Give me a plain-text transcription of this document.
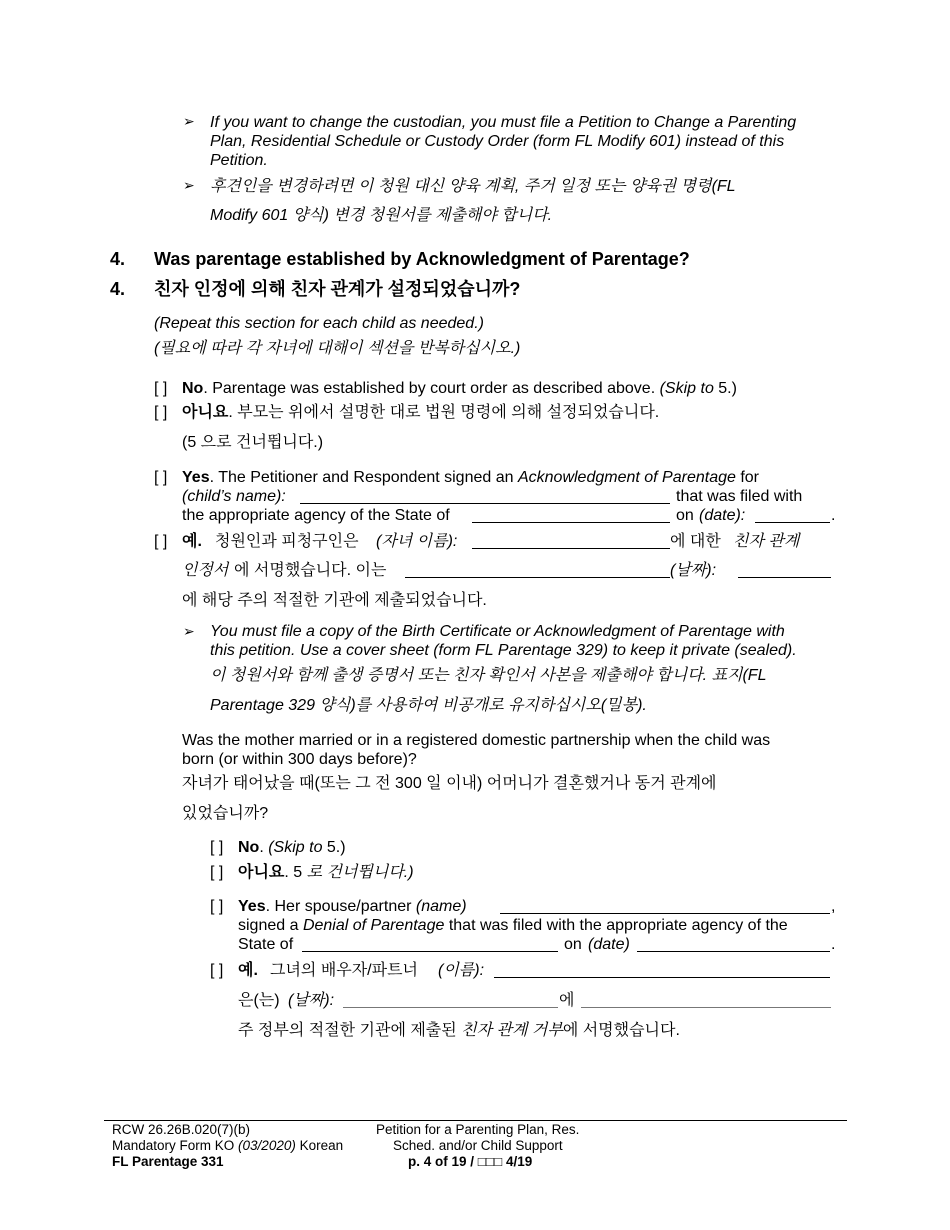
➢ If you want to change the custodian, you must file a Petition to Change a Parenting
Plan, Residential Schedule or Custody Order (form FL Modify 601) instead of this
Petition.
➢ 후견인을 변경하려면 이 청원 대신 양육 계획, 주거 일정 또는 양육권 명령(FL
Modify 601 양식) 변경 청원서를 제출해야 합니다.
4. Was parentage established by Acknowledgment of Parentage?
4. 친자 인정에 의해 친자 관계가 설정되었습니까?
(Repeat this section for each child as needed.)
(필요에 따라 각 자녀에 대해이 섹션을 반복하십시오.)
[ ] No. Parentage was established by court order as described above. (Skip to 5.)
[ ] 아니요. 부모는 위에서 설명한 대로 법원 명령에 의해 설정되었습니다.
(5 으로 건너뜁니다.)
[ ] Yes. The Petitioner and Respondent signed an Acknowledgment of Parentage for
(child’s name):	that was filed with
the appropriate agency of the State of	on (date):	.
[ ] 예. 청원인과 피청구인은 (자녀 이름):	에 대한 친자 관계
인정서 에 서명했습니다. 이는	(날짜):
에 해당 주의 적절한 기관에 제출되었습니다.
➢ You must file a copy of the Birth Certificate or Acknowledgment of Parentage with
this petition. Use a cover sheet (form FL Parentage 329) to keep it private (sealed).
이 청원서와 함께 출생 증명서 또는 친자 확인서 사본을 제출해야 합니다. 표지(FL
Parentage 329 양식)를 사용하여 비공개로 유지하십시오(밀봉).
Was the mother married or in a registered domestic partnership when the child was
born (or within 300 days before)?
자녀가 태어났을 때(또는 그 전 300 일 이내) 어머니가 결혼했거나 동거 관계에
있었습니까?
[ ] No. (Skip to 5.)
[ ] 아니요. 5 로 건너뜁니다.)
[ ] Yes. Her spouse/partner (name)	,
signed a Denial of Parentage that was filed with the appropriate agency of the
State of	on (date)	.
[ ] 예. 그녀의 배우자/파트너 (이름):
은(는) (날짜):	에
주 정부의 적절한 기관에 제출된 친자 관계 거부에 서명했습니다.
RCW 26.26B.020(7)(b)
Mandatory Form KO (03/2020) Korean
FL Parentage 331
Petition for a Parenting Plan, Res.
Sched. and/or Child Support
p. 4 of 19 / □□□ 4/19
